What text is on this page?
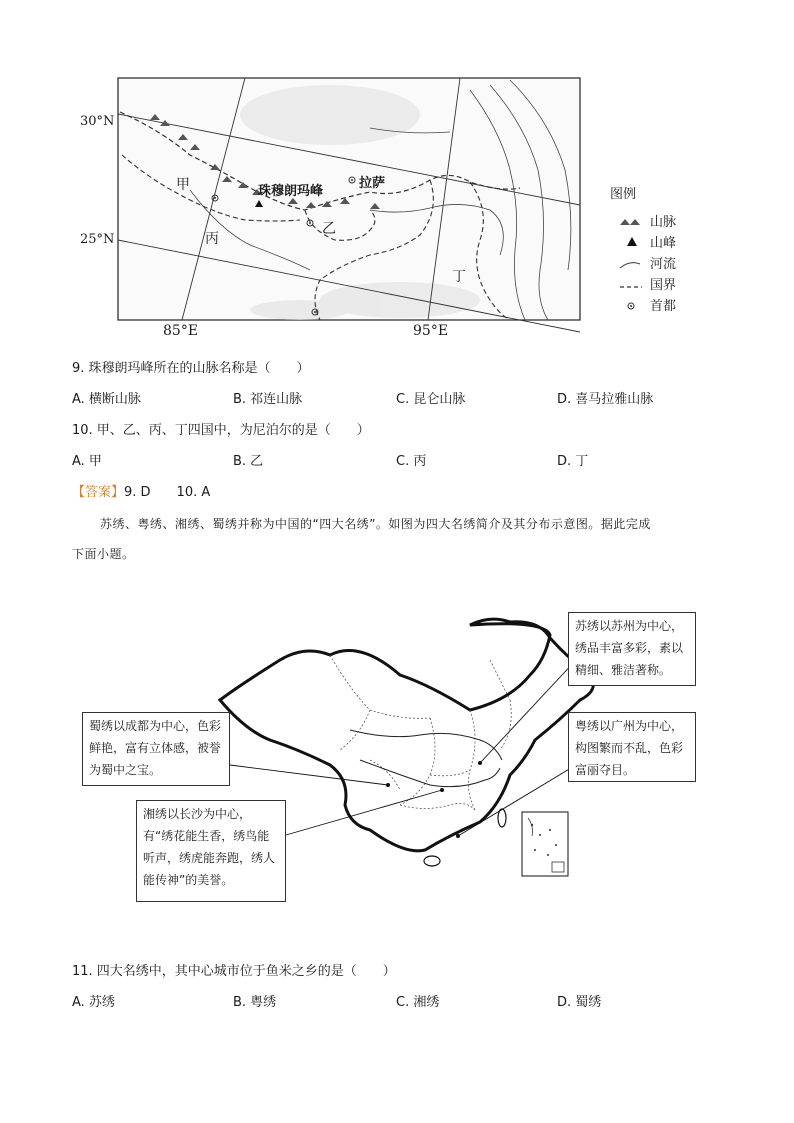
30°N
25°N
85°E	95°E
甲
乙
丙
丁
珠穆朗玛峰
拉萨
图例
山脉
山峰
河流
国界
首都
9. 珠穆朗玛峰所在的山脉名称是（　　）
A. 横断山脉	B. 祁连山脉	C. 昆仑山脉	D. 喜马拉雅山脉
10. 甲、乙、丙、丁四国中，为尼泊尔的是（　　）
A. 甲	B. 乙	C. 丙	D. 丁
【答案】9. D　　10. A
苏绣、粤绣、湘绣、蜀绣并称为中国的“四大名绣”。如图为四大名绣简介及其分布示意图。据此完成
下面小题。
苏绣以苏州为中心，绣品丰富多彩，素以精细、雅洁著称。
粤绣以广州为中心，构图繁而不乱，色彩富丽夺目。
蜀绣以成都为中心，色彩鲜艳，富有立体感，被誉为蜀中之宝。
湘绣以长沙为中心，有“绣花能生香，绣鸟能听声，绣虎能奔跑，绣人能传神”的美誉。
11. 四大名绣中，其中心城市位于鱼米之乡的是（　　）
A. 苏绣	B. 粤绣	C. 湘绣	D. 蜀绣
